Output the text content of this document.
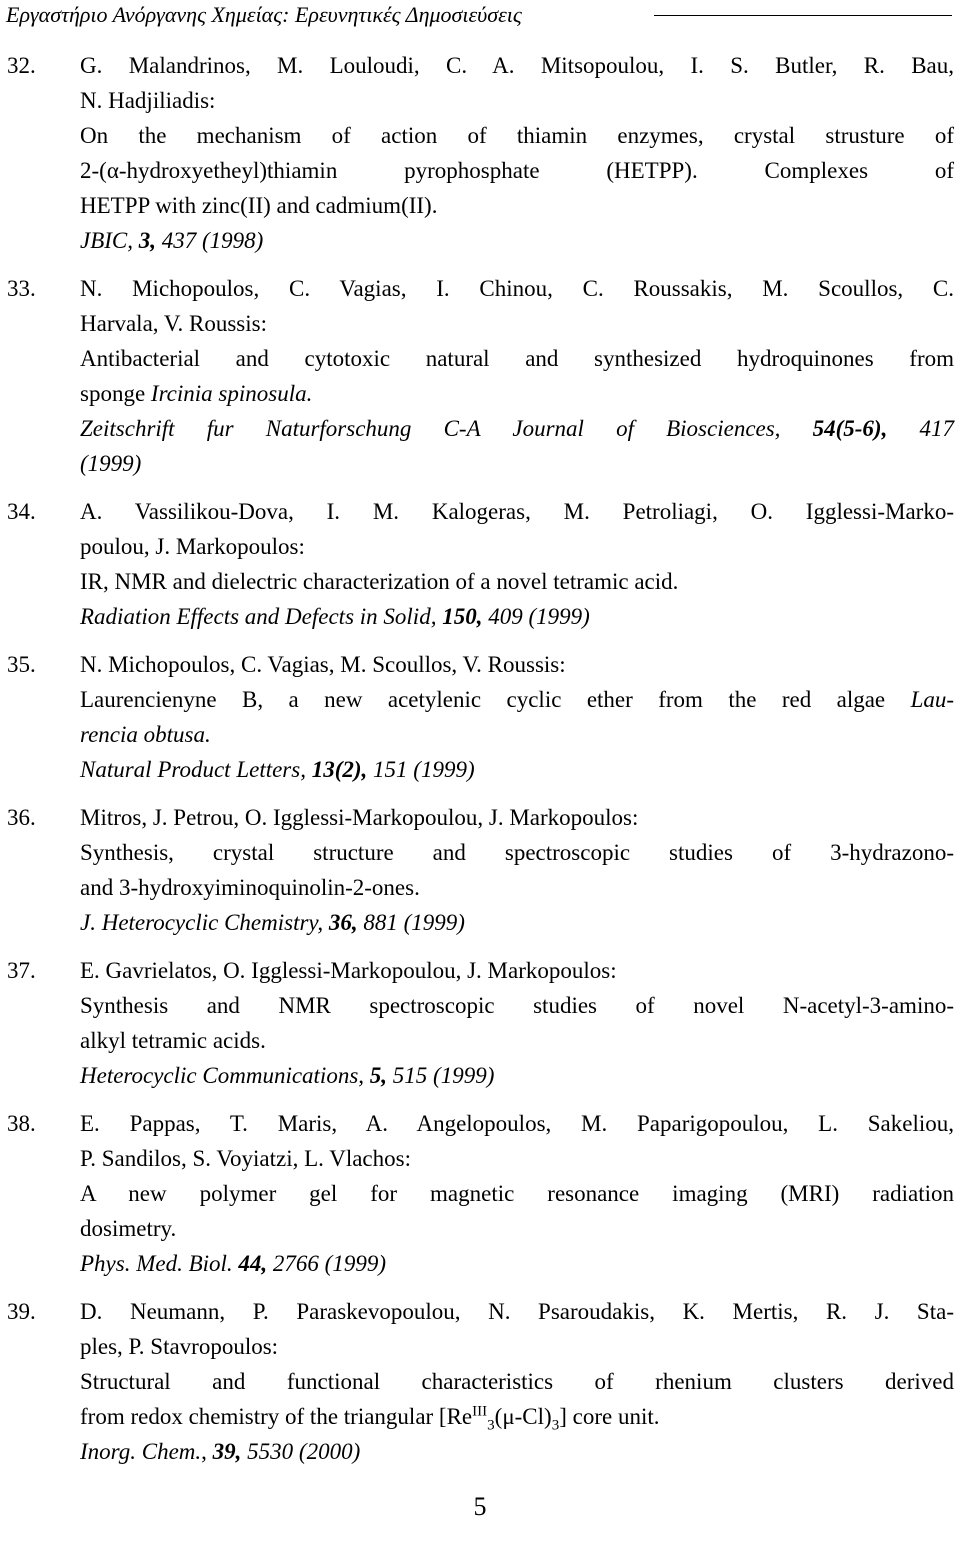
Εργαστήριο Ανόργανης Χημείας: Ερευνητικές Δημοσιεύσεις
32. G. Malandrinos, M. Louloudi, C. A. Mitsopoulou, I. S. Butler, R. Bau,
N. Hadjiliadis:
On the mechanism of action of thiamin enzymes, crystal strusture of
2-(α-hydroxyetheyl)thiamin pyrophosphate (HETPP). Complexes of
HETPP with zinc(II) and cadmium(II).
JBIC, 3, 437 (1998)
33. N. Michopoulos, C. Vagias, I. Chinou, C. Roussakis, M. Scoullos, C.
Harvala, V. Roussis:
Antibacterial and cytotoxic natural and synthesized hydroquinones from
sponge Ircinia spinosula.
Zeitschrift fur Naturforschung C-A Journal of Biosciences, 54(5-6), 417
(1999)
34. A. Vassilikou-Dova, I. M. Kalogeras, M. Petroliagi, O. Igglessi-Marko-
poulou, J. Markopoulos:
IR, NMR and dielectric characterization of a novel tetramic acid.
Radiation Effects and Defects in Solid, 150, 409 (1999)
35. N. Michopoulos, C. Vagias, M. Scoullos, V. Roussis:
Laurencienyne B, a new acetylenic cyclic ether from the red algae Lau-
rencia obtusa.
Natural Product Letters, 13(2), 151 (1999)
36. Mitros, J. Petrou, O. Igglessi-Markopoulou, J. Markopoulos:
Synthesis, crystal structure and spectroscopic studies of 3-hydrazono-
and 3-hydroxyiminoquinolin-2-ones.
J. Heterocyclic Chemistry, 36, 881 (1999)
37. E. Gavrielatos, O. Igglessi-Markopoulou, J. Markopoulos:
Synthesis and NMR spectroscopic studies of novel N-acetyl-3-amino-
alkyl tetramic acids.
Heterocyclic Communications, 5, 515 (1999)
38. E. Pappas, T. Maris, A. Angelopoulos, M. Paparigopoulou, L. Sakeliou,
P. Sandilos, S. Voyiatzi, L. Vlachos:
A new polymer gel for magnetic resonance imaging (MRI) radiation
dosimetry.
Phys. Med. Biol. 44, 2766 (1999)
39. D. Neumann, P. Paraskevopoulou, N. Psaroudakis, K. Mertis, R. J. Sta-
ples, P. Stavropoulos:
Structural and functional characteristics of rhenium clusters derived
from redox chemistry of the triangular $[Re^{III}_3(\mu-Cl)_3]$ core unit.
Inorg. Chem., 39, 5530 (2000)
5
